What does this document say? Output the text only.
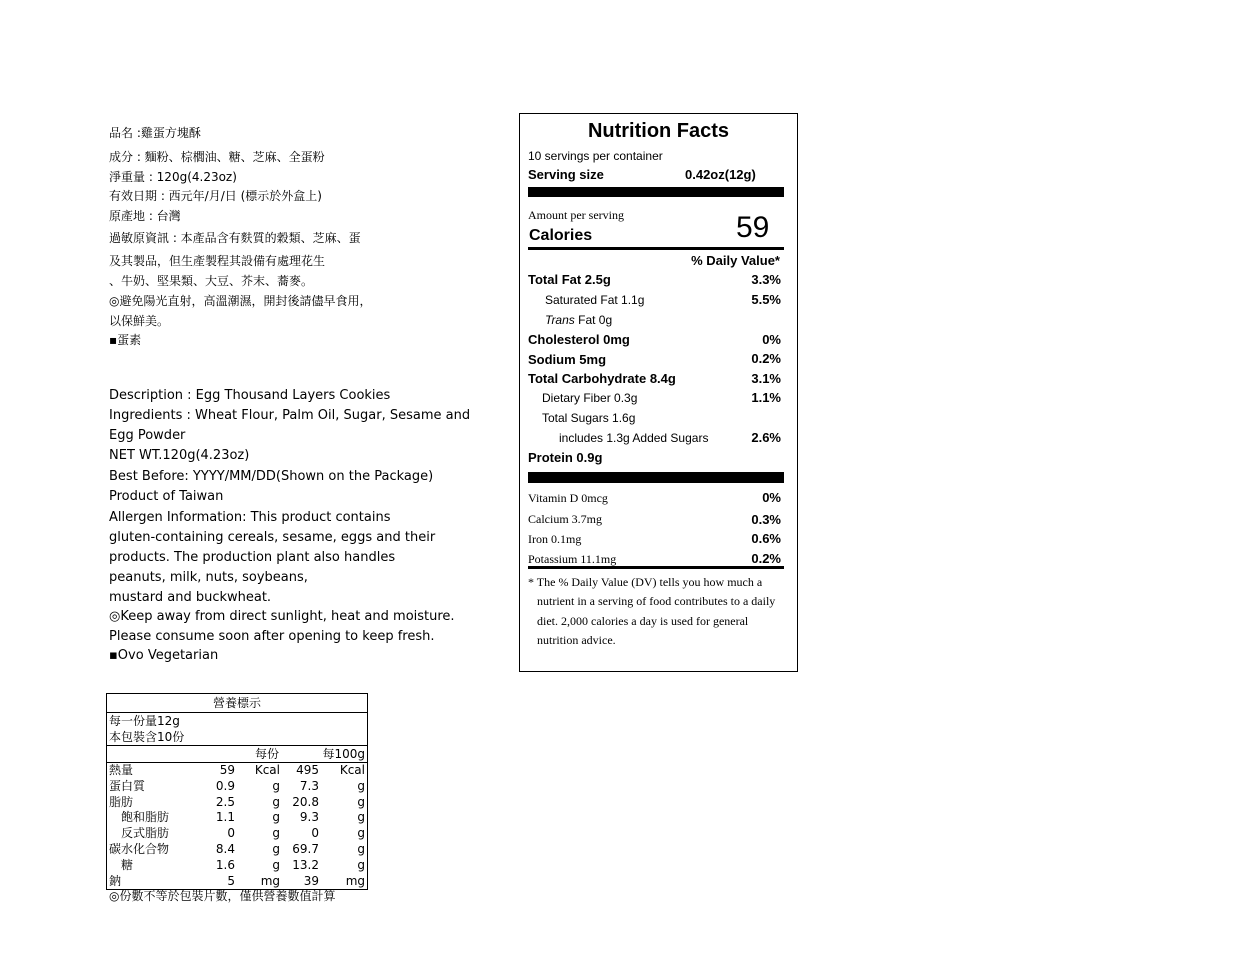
品名 :雞蛋方塊酥
成分 : 麵粉、棕櫚油、糖、芝麻、全蛋粉
淨重量 : 120g(4.23oz)
有效日期 : 西元年/月/日 (標示於外盒上)
原產地 : 台灣
過敏原資訊 : 本產品含有麩質的穀類、芝麻、蛋
及其製品，但生產製程其設備有處理花生
、牛奶、堅果類、大豆、芥末、蕎麥。
◎避免陽光直射，高溫潮濕，開封後請儘早食用，
以保鮮美。
▪蛋素
Description : Egg Thousand Layers Cookies
Ingredients : Wheat Flour, Palm Oil, Sugar, Sesame and
Egg Powder
NET WT.120g(4.23oz)
Best Before: YYYY/MM/DD(Shown on the Package)
Product of Taiwan
Allergen Information: This product contains
gluten-containing cereals, sesame, eggs and their
products. The production plant also handles
peanuts, milk, nuts, soybeans,
mustard and buckwheat.
◎Keep away from direct sunlight, heat and moisture.
Please consume soon after opening to keep fresh.
▪Ovo Vegetarian
營養標示
每一份量12g
本包裝含10份
每份	每100g
熱量	59 Kcal 495 Kcal
蛋白質	0.9	g 7.3	g
脂肪	2.5	g 20.8	g
飽和脂肪	1.1	g 9.3	g
反式脂肪	0	g	0	g
碳水化合物	8.4	g 69.7	g
糖	1.6	g 13.2	g
鈉	5 mg 39 mg
◎份數不等於包裝片數，僅供營養數值計算
Nutrition Facts
10 servings per container
Serving size	0.42oz(12g)
Amount per serving
Calories	59
% Daily Value*
Total Fat 2.5g	3.3%
Saturated Fat 1.1g	5.5%
Trans Fat 0g
Cholesterol 0mg	0%
Sodium 5mg	0.2%
Total Carbohydrate 8.4g	3.1%
Dietary Fiber 0.3g	1.1%
Total Sugars 1.6g
includes 1.3g Added Sugars	2.6%
Protein 0.9g
Vitamin D 0mcg	0%
Calcium 3.7mg	0.3%
Iron 0.1mg	0.6%
Potassium 11.1mg	0.2%
* The % Daily Value (DV) tells you how much a
nutrient in a serving of food contributes to a daily
diet. 2,000 calories a day is used for general
nutrition advice.
